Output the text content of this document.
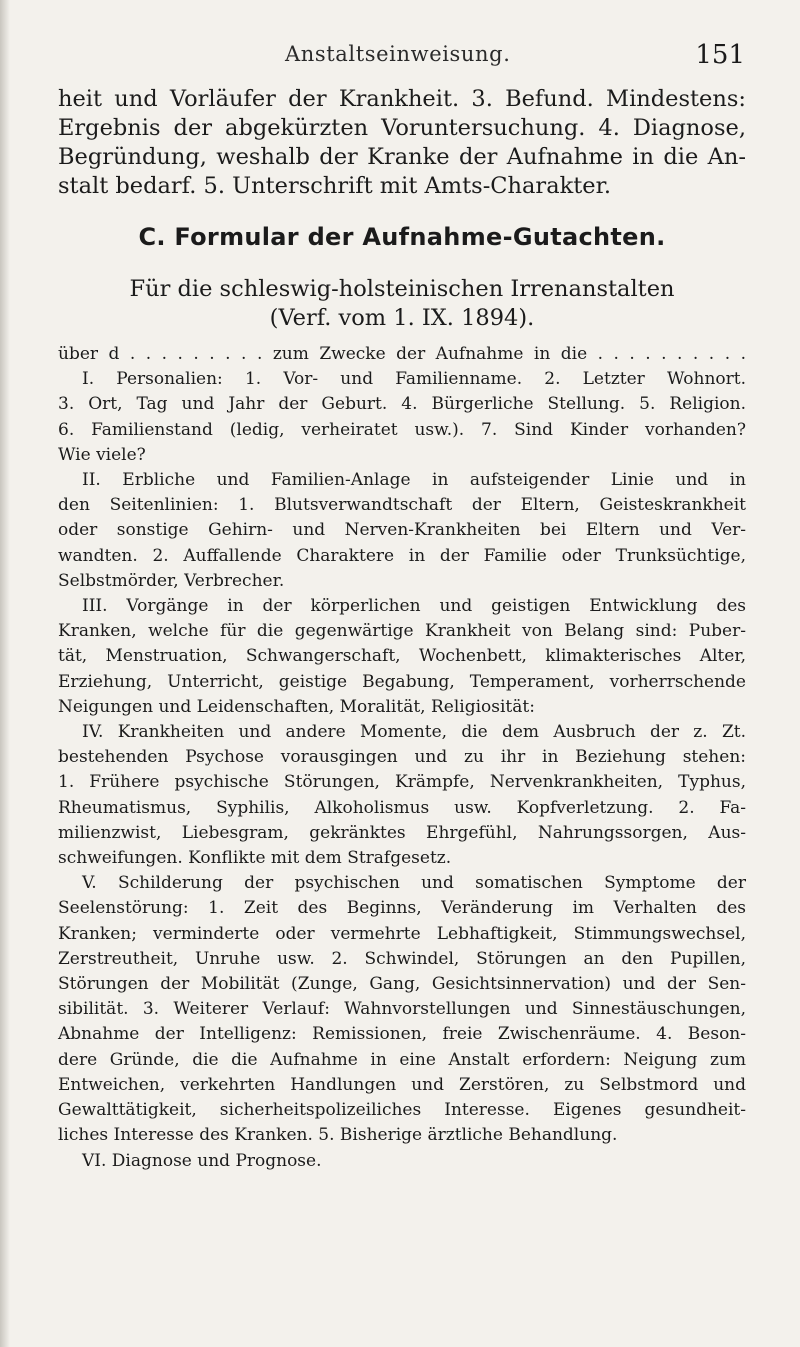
Anstaltseinweisung.	151
heit und Vorläufer der Krankheit. 3. Befund. Mindestens:
Ergebnis der abgekürzten Voruntersuchung. 4. Diagnose,
Begründung, weshalb der Kranke der Aufnahme in die An-
stalt bedarf. 5. Unterschrift mit Amts-Charakter.
C. Formular der Aufnahme-Gutachten.
Für die schleswig-holsteinischen Irrenanstalten
(Verf. vom 1. IX. 1894).
über d . . . . . . . . . zum Zwecke der Aufnahme in die . . . . . . . . . .
I. Personalien: 1. Vor- und Familienname. 2. Letzter Wohnort.
3. Ort, Tag und Jahr der Geburt. 4. Bürgerliche Stellung. 5. Religion.
6. Familienstand (ledig, verheiratet usw.). 7. Sind Kinder vorhanden?
Wie viele?
II. Erbliche und Familien-Anlage in aufsteigender Linie und in
den Seitenlinien: 1. Blutsverwandtschaft der Eltern, Geisteskrankheit
oder sonstige Gehirn- und Nerven-Krankheiten bei Eltern und Ver-
wandten. 2. Auffallende Charaktere in der Familie oder Trunksüchtige,
Selbstmörder, Verbrecher.
III. Vorgänge in der körperlichen und geistigen Entwicklung des
Kranken, welche für die gegenwärtige Krankheit von Belang sind: Puber-
tät, Menstruation, Schwangerschaft, Wochenbett, klimakterisches Alter,
Erziehung, Unterricht, geistige Begabung, Temperament, vorherrschende
Neigungen und Leidenschaften, Moralität, Religiosität:
IV. Krankheiten und andere Momente, die dem Ausbruch der z. Zt.
bestehenden Psychose vorausgingen und zu ihr in Beziehung stehen:
1. Frühere psychische Störungen, Krämpfe, Nervenkrankheiten, Typhus,
Rheumatismus, Syphilis, Alkoholismus usw. Kopfverletzung. 2. Fa-
milienzwist, Liebesgram, gekränktes Ehrgefühl, Nahrungssorgen, Aus-
schweifungen. Konflikte mit dem Strafgesetz.
V. Schilderung der psychischen und somatischen Symptome der
Seelenstörung: 1. Zeit des Beginns, Veränderung im Verhalten des
Kranken; verminderte oder vermehrte Lebhaftigkeit, Stimmungswechsel,
Zerstreutheit, Unruhe usw. 2. Schwindel, Störungen an den Pupillen,
Störungen der Mobilität (Zunge, Gang, Gesichtsinnervation) und der Sen-
sibilität. 3. Weiterer Verlauf: Wahnvorstellungen und Sinnestäuschungen,
Abnahme der Intelligenz: Remissionen, freie Zwischenräume. 4. Beson-
dere Gründe, die die Aufnahme in eine Anstalt erfordern: Neigung zum
Entweichen, verkehrten Handlungen und Zerstören, zu Selbstmord und
Gewalttätigkeit, sicherheitspolizeiliches Interesse. Eigenes gesundheit-
liches Interesse des Kranken. 5. Bisherige ärztliche Behandlung.
VI. Diagnose und Prognose.
